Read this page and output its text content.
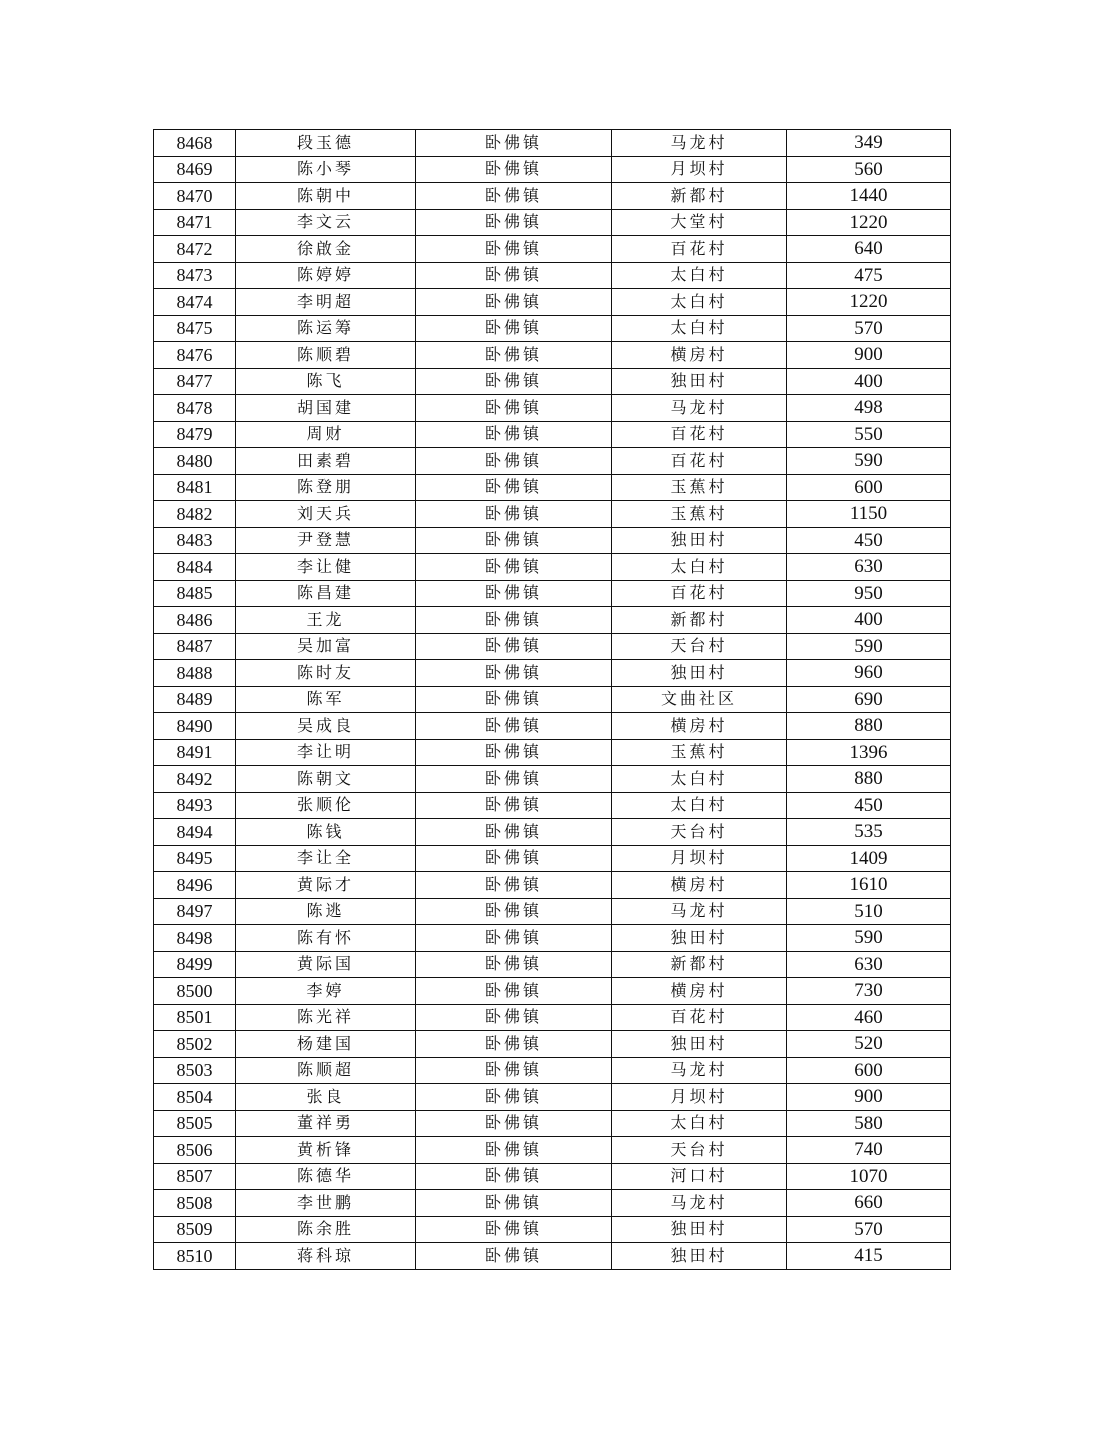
8468	段玉德	卧佛镇	马龙村	349
8469	陈小琴	卧佛镇	月坝村	560
8470	陈朝中	卧佛镇	新都村	1440
8471	李文云	卧佛镇	大堂村	1220
8472	徐啟金	卧佛镇	百花村	640
8473	陈婷婷	卧佛镇	太白村	475
8474	李明超	卧佛镇	太白村	1220
8475	陈运筹	卧佛镇	太白村	570
8476	陈顺碧	卧佛镇	横房村	900
8477	陈飞	卧佛镇	独田村	400
8478	胡国建	卧佛镇	马龙村	498
8479	周财	卧佛镇	百花村	550
8480	田素碧	卧佛镇	百花村	590
8481	陈登朋	卧佛镇	玉蕉村	600
8482	刘天兵	卧佛镇	玉蕉村	1150
8483	尹登慧	卧佛镇	独田村	450
8484	李让健	卧佛镇	太白村	630
8485	陈昌建	卧佛镇	百花村	950
8486	王龙	卧佛镇	新都村	400
8487	吴加富	卧佛镇	天台村	590
8488	陈时友	卧佛镇	独田村	960
8489	陈军	卧佛镇	文曲社区	690
8490	吴成良	卧佛镇	横房村	880
8491	李让明	卧佛镇	玉蕉村	1396
8492	陈朝文	卧佛镇	太白村	880
8493	张顺伦	卧佛镇	太白村	450
8494	陈钱	卧佛镇	天台村	535
8495	李让全	卧佛镇	月坝村	1409
8496	黄际才	卧佛镇	横房村	1610
8497	陈逃	卧佛镇	马龙村	510
8498	陈有怀	卧佛镇	独田村	590
8499	黄际国	卧佛镇	新都村	630
8500	李婷	卧佛镇	横房村	730
8501	陈光祥	卧佛镇	百花村	460
8502	杨建国	卧佛镇	独田村	520
8503	陈顺超	卧佛镇	马龙村	600
8504	张良	卧佛镇	月坝村	900
8505	董祥勇	卧佛镇	太白村	580
8506	黄析锋	卧佛镇	天台村	740
8507	陈德华	卧佛镇	河口村	1070
8508	李世鹏	卧佛镇	马龙村	660
8509	陈余胜	卧佛镇	独田村	570
8510	蒋科琼	卧佛镇	独田村	415
